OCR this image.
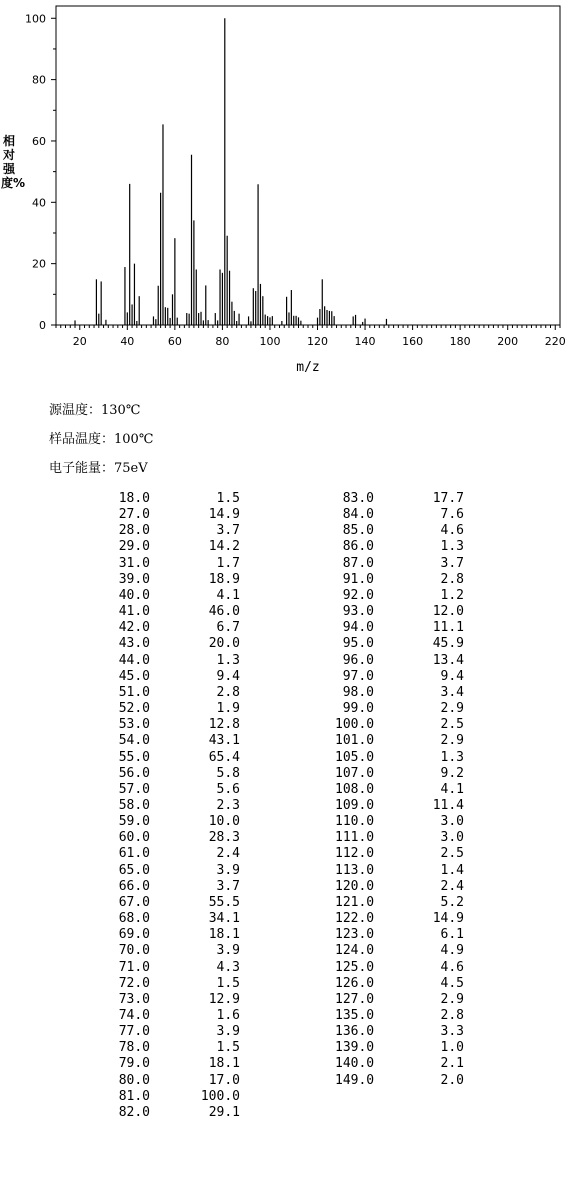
20	40	60	80	100 120 140 160 180 200 220
0
20
40
60
80
100
m/z
相对强度%
源温度：130℃
样品温度：100℃
电子能量：75eV
18.0	1.5
27.0	14.9
28.0	3.7
29.0	14.2
31.0	1.7
39.0	18.9
40.0	4.1
41.0	46.0
42.0	6.7
43.0	20.0
44.0	1.3
45.0	9.4
51.0	2.8
52.0	1.9
53.0	12.8
54.0	43.1
55.0	65.4
56.0	5.8
57.0	5.6
58.0	2.3
59.0	10.0
60.0	28.3
61.0	2.4
65.0	3.9
66.0	3.7
67.0	55.5
68.0	34.1
69.0	18.1
70.0	3.9
71.0	4.3
72.0	1.5
73.0	12.9
74.0	1.6
77.0	3.9
78.0	1.5
79.0	18.1
80.0	17.0
81.0	100.0
82.0	29.1
83.0	17.7
84.0	7.6
85.0	4.6
86.0	1.3
87.0	3.7
91.0	2.8
92.0	1.2
93.0	12.0
94.0	11.1
95.0	45.9
96.0	13.4
97.0	9.4
98.0	3.4
99.0	2.9
100.0	2.5
101.0	2.9
105.0	1.3
107.0	9.2
108.0	4.1
109.0	11.4
110.0	3.0
111.0	3.0
112.0	2.5
113.0	1.4
120.0	2.4
121.0	5.2
122.0	14.9
123.0	6.1
124.0	4.9
125.0	4.6
126.0	4.5
127.0	2.9
135.0	2.8
136.0	3.3
139.0	1.0
140.0	2.1
149.0	2.0
